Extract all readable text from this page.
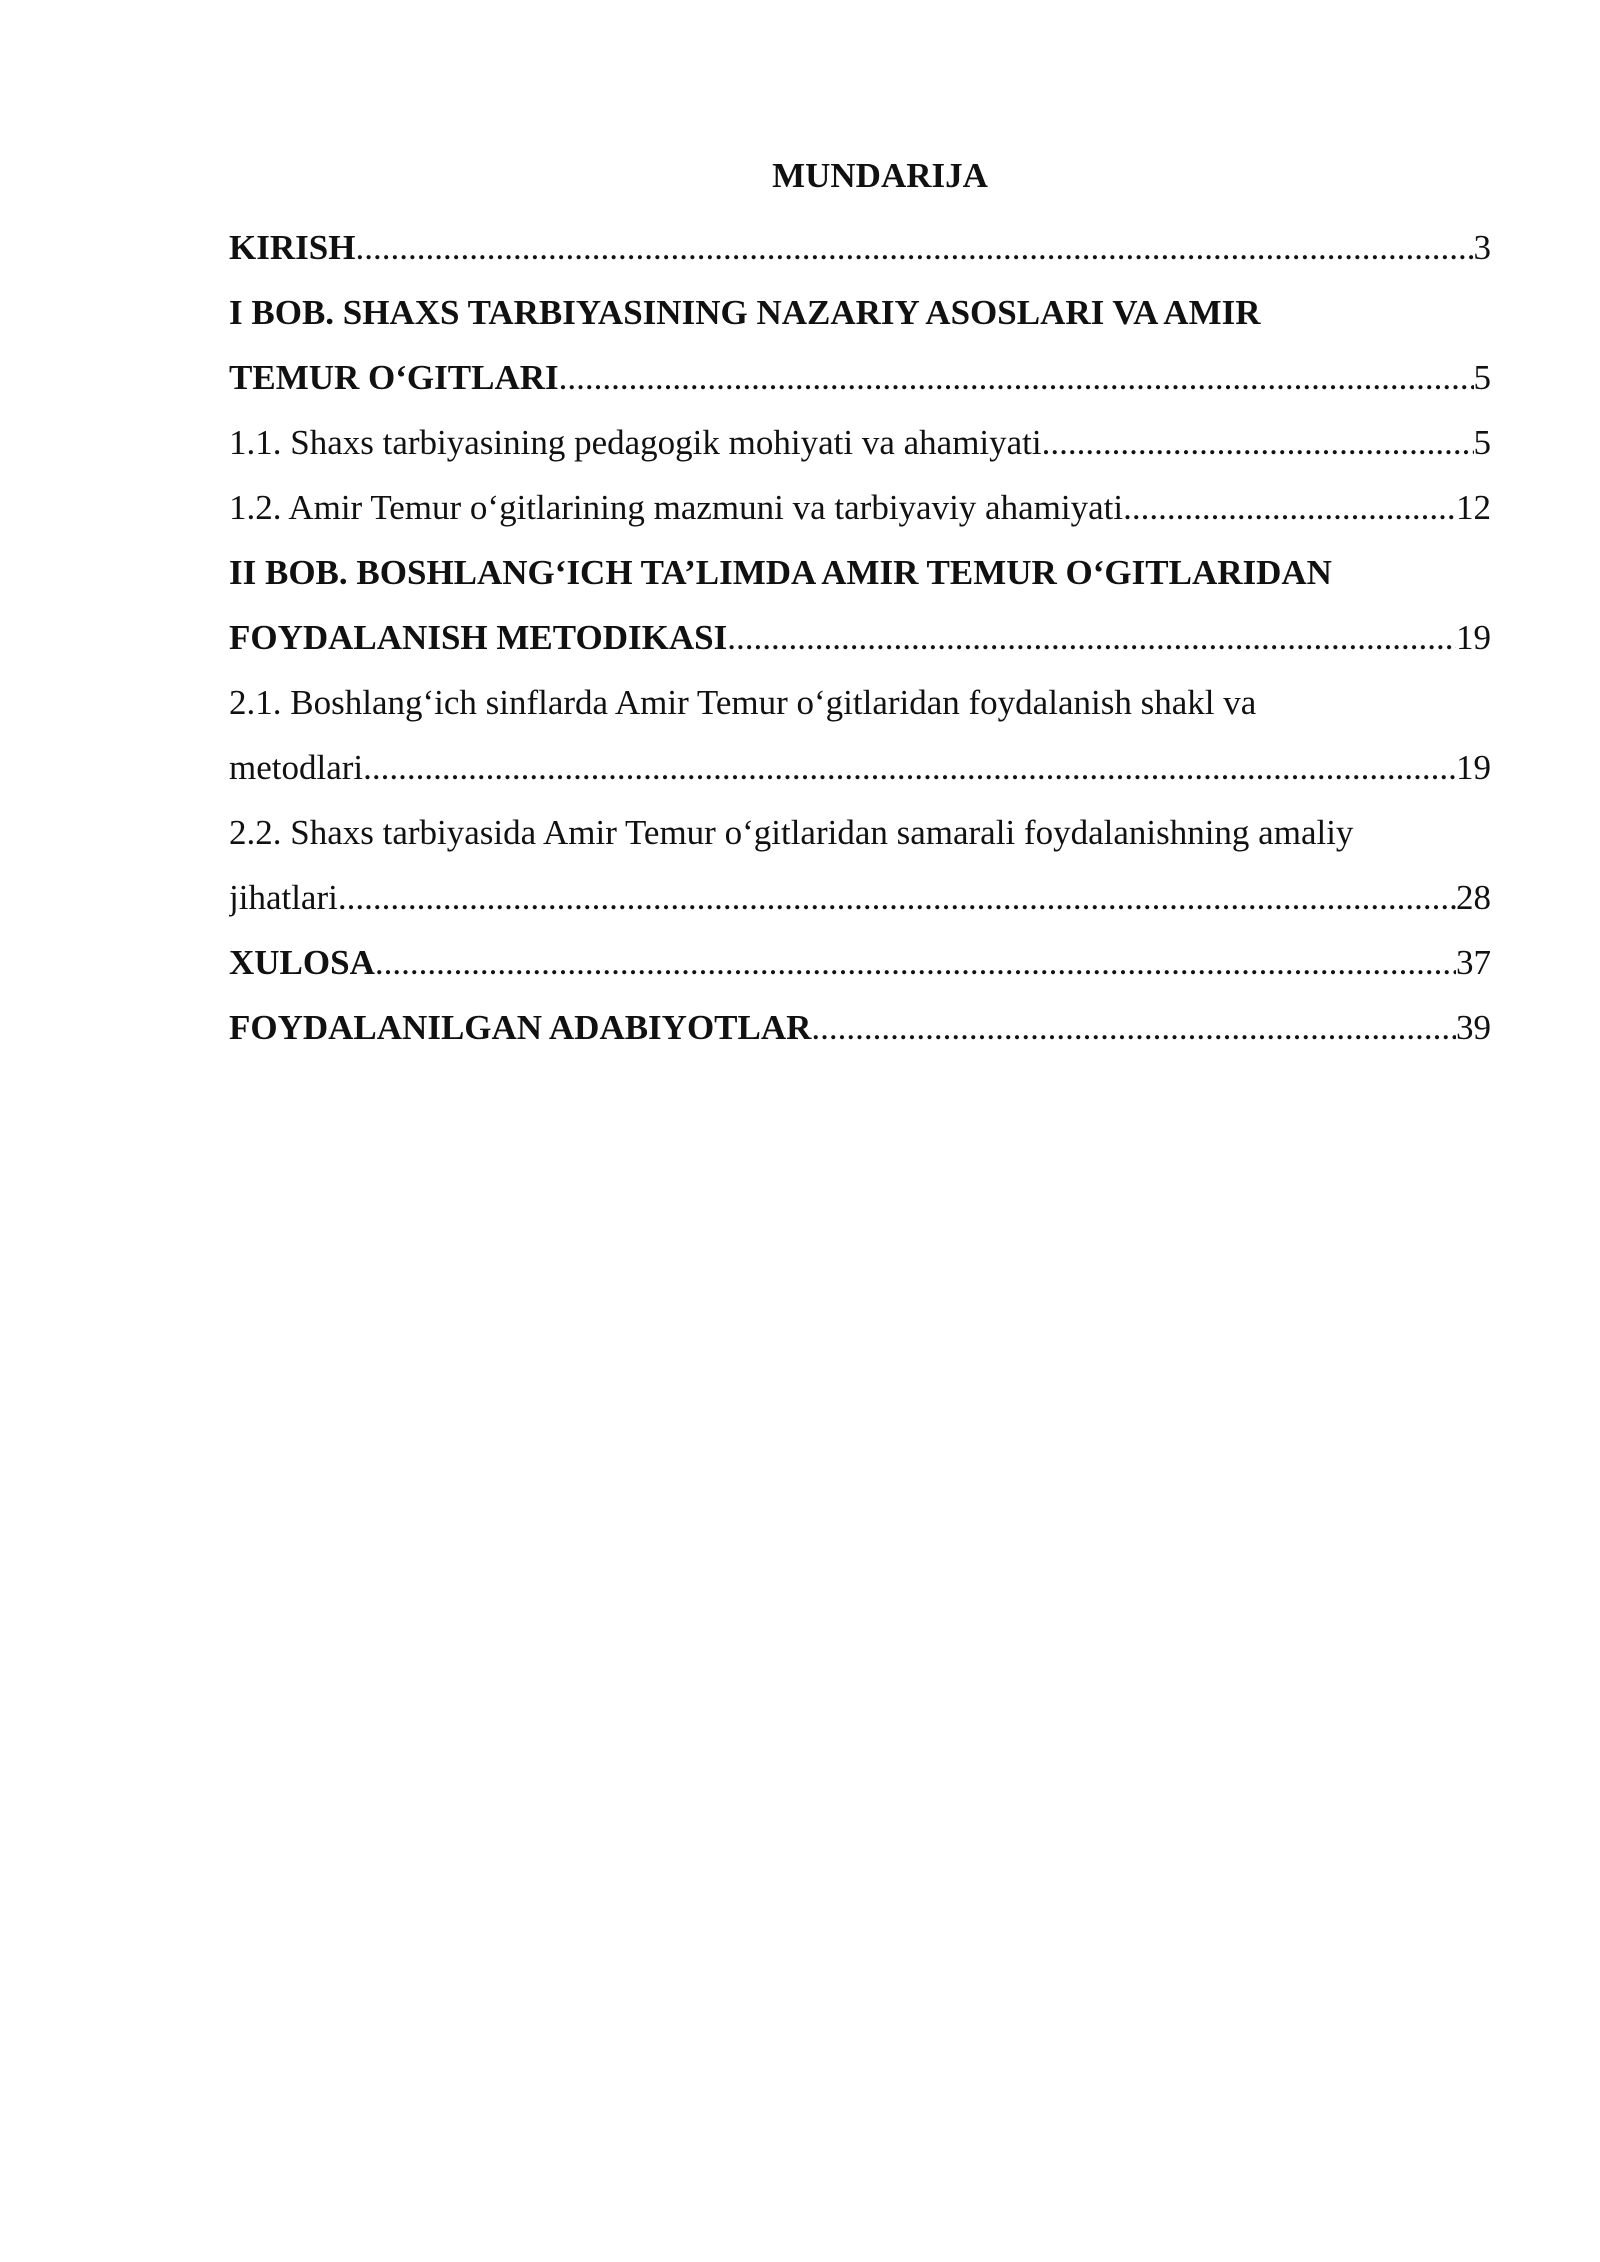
MUNDARIJA
KIRISH .....	3
I BOB. SHAXS TARBIYASINING NAZARIY ASOSLARI VA AMIR
TEMUR O‘GITLARI .....	5
1.1. Shaxs tarbiyasining pedagogik mohiyati va ahamiyati .....	5
1.2. Amir Temur o‘gitlarining mazmuni va tarbiyaviy ahamiyati .....	12
II BOB. BOSHLANG‘ICH TA’LIMDA AMIR TEMUR O‘GITLARIDAN
FOYDALANISH METODIKASI .....	19
2.1. Boshlang‘ich sinflarda Amir Temur o‘gitlaridan foydalanish shakl va
metodlari .....	19
2.2. Shaxs tarbiyasida Amir Temur o‘gitlaridan samarali foydalanishning amaliy
jihatlari .....	28
XULOSA .....	37
FOYDALANILGAN ADABIYOTLAR .....	39
